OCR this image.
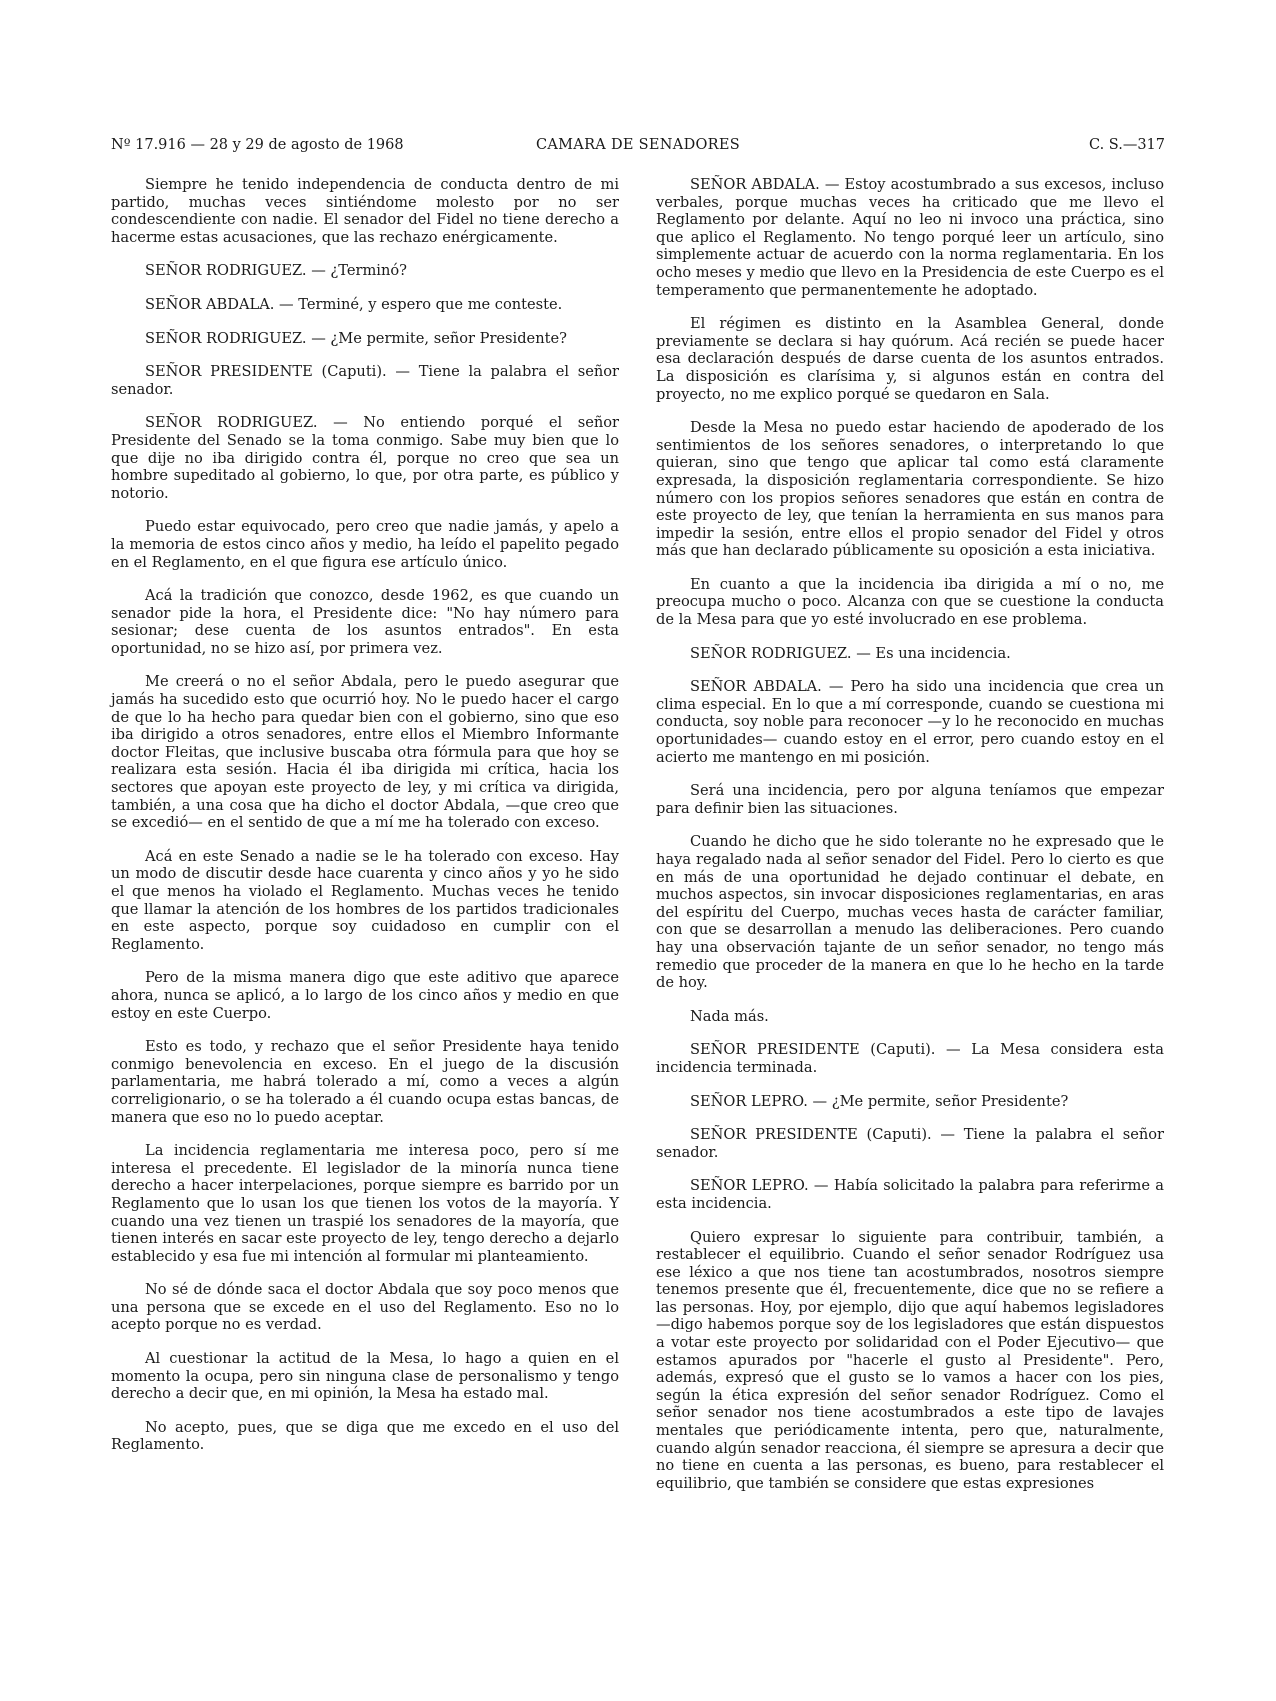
Nº 17.916 — 28 y 29 de agosto de 1968	CAMARA DE SENADORES	C. S.—317

Siempre he tenido independencia de conducta dentro de mi partido, muchas veces sintiéndome molesto por no ser condescendiente con nadie. El senador del Fidel no tiene derecho a hacerme estas acusaciones, que las rechazo enérgicamente.

SEÑOR RODRIGUEZ. — ¿Terminó?

SEÑOR ABDALA. — Terminé, y espero que me conteste.

SEÑOR RODRIGUEZ. — ¿Me permite, señor Presidente?

SEÑOR PRESIDENTE (Caputi). — Tiene la palabra el señor senador.

SEÑOR RODRIGUEZ. — No entiendo porqué el señor Presidente del Senado se la toma conmigo. Sabe muy bien que lo que dije no iba dirigido contra él, porque no creo que sea un hombre supeditado al gobierno, lo que, por otra parte, es público y notorio.

Puedo estar equivocado, pero creo que nadie jamás, y apelo a la memoria de estos cinco años y medio, ha leído el papelito pegado en el Reglamento, en el que figura ese artículo único.

Acá la tradición que conozco, desde 1962, es que cuando un senador pide la hora, el Presidente dice: "No hay número para sesionar; dese cuenta de los asuntos entrados". En esta oportunidad, no se hizo así, por primera vez.

Me creerá o no el señor Abdala, pero le puedo asegurar que jamás ha sucedido esto que ocurrió hoy. No le puedo hacer el cargo de que lo ha hecho para quedar bien con el gobierno, sino que eso iba dirigido a otros senadores, entre ellos el Miembro Informante doctor Fleitas, que inclusive buscaba otra fórmula para que hoy se realizara esta sesión. Hacia él iba dirigida mi crítica, hacia los sectores que apoyan este proyecto de ley, y mi crítica va dirigida, también, a una cosa que ha dicho el doctor Abdala, —que creo que se excedió— en el sentido de que a mí me ha tolerado con exceso.

Acá en este Senado a nadie se le ha tolerado con exceso. Hay un modo de discutir desde hace cuarenta y cinco años y yo he sido el que menos ha violado el Reglamento. Muchas veces he tenido que llamar la atención de los hombres de los partidos tradicionales en este aspecto, porque soy cuidadoso en cumplir con el Reglamento.

Pero de la misma manera digo que este aditivo que aparece ahora, nunca se aplicó, a lo largo de los cinco años y medio en que estoy en este Cuerpo.

Esto es todo, y rechazo que el señor Presidente haya tenido conmigo benevolencia en exceso. En el juego de la discusión parlamentaria, me habrá tolerado a mí, como a veces a algún correligionario, o se ha tolerado a él cuando ocupa estas bancas, de manera que eso no lo puedo aceptar.

La incidencia reglamentaria me interesa poco, pero sí me interesa el precedente. El legislador de la minoría nunca tiene derecho a hacer interpelaciones, porque siempre es barrido por un Reglamento que lo usan los que tienen los votos de la mayoría. Y cuando una vez tienen un traspié los senadores de la mayoría, que tienen interés en sacar este proyecto de ley, tengo derecho a dejarlo establecido y esa fue mi intención al formular mi planteamiento.

No sé de dónde saca el doctor Abdala que soy poco menos que una persona que se excede en el uso del Reglamento. Eso no lo acepto porque no es verdad.

Al cuestionar la actitud de la Mesa, lo hago a quien en el momento la ocupa, pero sin ninguna clase de personalismo y tengo derecho a decir que, en mi opinión, la Mesa ha estado mal.

No acepto, pues, que se diga que me excedo en el uso del Reglamento.

SEÑOR ABDALA. — Estoy acostumbrado a sus excesos, incluso verbales, porque muchas veces ha criticado que me llevo el Reglamento por delante. Aquí no leo ni invoco una práctica, sino que aplico el Reglamento. No tengo porqué leer un artículo, sino simplemente actuar de acuerdo con la norma reglamentaria. En los ocho meses y medio que llevo en la Presidencia de este Cuerpo es el temperamento que permanentemente he adoptado.

El régimen es distinto en la Asamblea General, donde previamente se declara si hay quórum. Acá recién se puede hacer esa declaración después de darse cuenta de los asuntos entrados. La disposición es clarísima y, si algunos están en contra del proyecto, no me explico porqué se quedaron en Sala.

Desde la Mesa no puedo estar haciendo de apoderado de los sentimientos de los señores senadores, o interpretando lo que quieran, sino que tengo que aplicar tal como está claramente expresada, la disposición reglamentaria correspondiente. Se hizo número con los propios señores senadores que están en contra de este proyecto de ley, que tenían la herramienta en sus manos para impedir la sesión, entre ellos el propio senador del Fidel y otros más que han declarado públicamente su oposición a esta iniciativa.

En cuanto a que la incidencia iba dirigida a mí o no, me preocupa mucho o poco. Alcanza con que se cuestione la conducta de la Mesa para que yo esté involucrado en ese problema.

SEÑOR RODRIGUEZ. — Es una incidencia.

SEÑOR ABDALA. — Pero ha sido una incidencia que crea un clima especial. En lo que a mí corresponde, cuando se cuestiona mi conducta, soy noble para reconocer —y lo he reconocido en muchas oportunidades— cuando estoy en el error, pero cuando estoy en el acierto me mantengo en mi posición.

Será una incidencia, pero por alguna teníamos que empezar para definir bien las situaciones.

Cuando he dicho que he sido tolerante no he expresado que le haya regalado nada al señor senador del Fidel. Pero lo cierto es que en más de una oportunidad he dejado continuar el debate, en muchos aspectos, sin invocar disposiciones reglamentarias, en aras del espíritu del Cuerpo, muchas veces hasta de carácter familiar, con que se desarrollan a menudo las deliberaciones. Pero cuando hay una observación tajante de un señor senador, no tengo más remedio que proceder de la manera en que lo he hecho en la tarde de hoy.

Nada más.

SEÑOR PRESIDENTE (Caputi). — La Mesa considera esta incidencia terminada.

SEÑOR LEPRO. — ¿Me permite, señor Presidente?

SEÑOR PRESIDENTE (Caputi). — Tiene la palabra el señor senador.

SEÑOR LEPRO. — Había solicitado la palabra para referirme a esta incidencia.

Quiero expresar lo siguiente para contribuir, también, a restablecer el equilibrio. Cuando el señor senador Rodríguez usa ese léxico a que nos tiene tan acostumbrados, nosotros siempre tenemos presente que él, frecuentemente, dice que no se refiere a las personas. Hoy, por ejemplo, dijo que aquí habemos legisladores —digo habemos porque soy de los legisladores que están dispuestos a votar este proyecto por solidaridad con el Poder Ejecutivo— que estamos apurados por "hacerle el gusto al Presidente". Pero, además, expresó que el gusto se lo vamos a hacer con los pies, según la ética expresión del señor senador Rodríguez. Como el señor senador nos tiene acostumbrados a este tipo de lavajes mentales que periódicamente intenta, pero que, naturalmente, cuando algún senador reacciona, él siempre se apresura a decir que no tiene en cuenta a las personas, es bueno, para restablecer el equilibrio, que también se considere que estas expresiones
